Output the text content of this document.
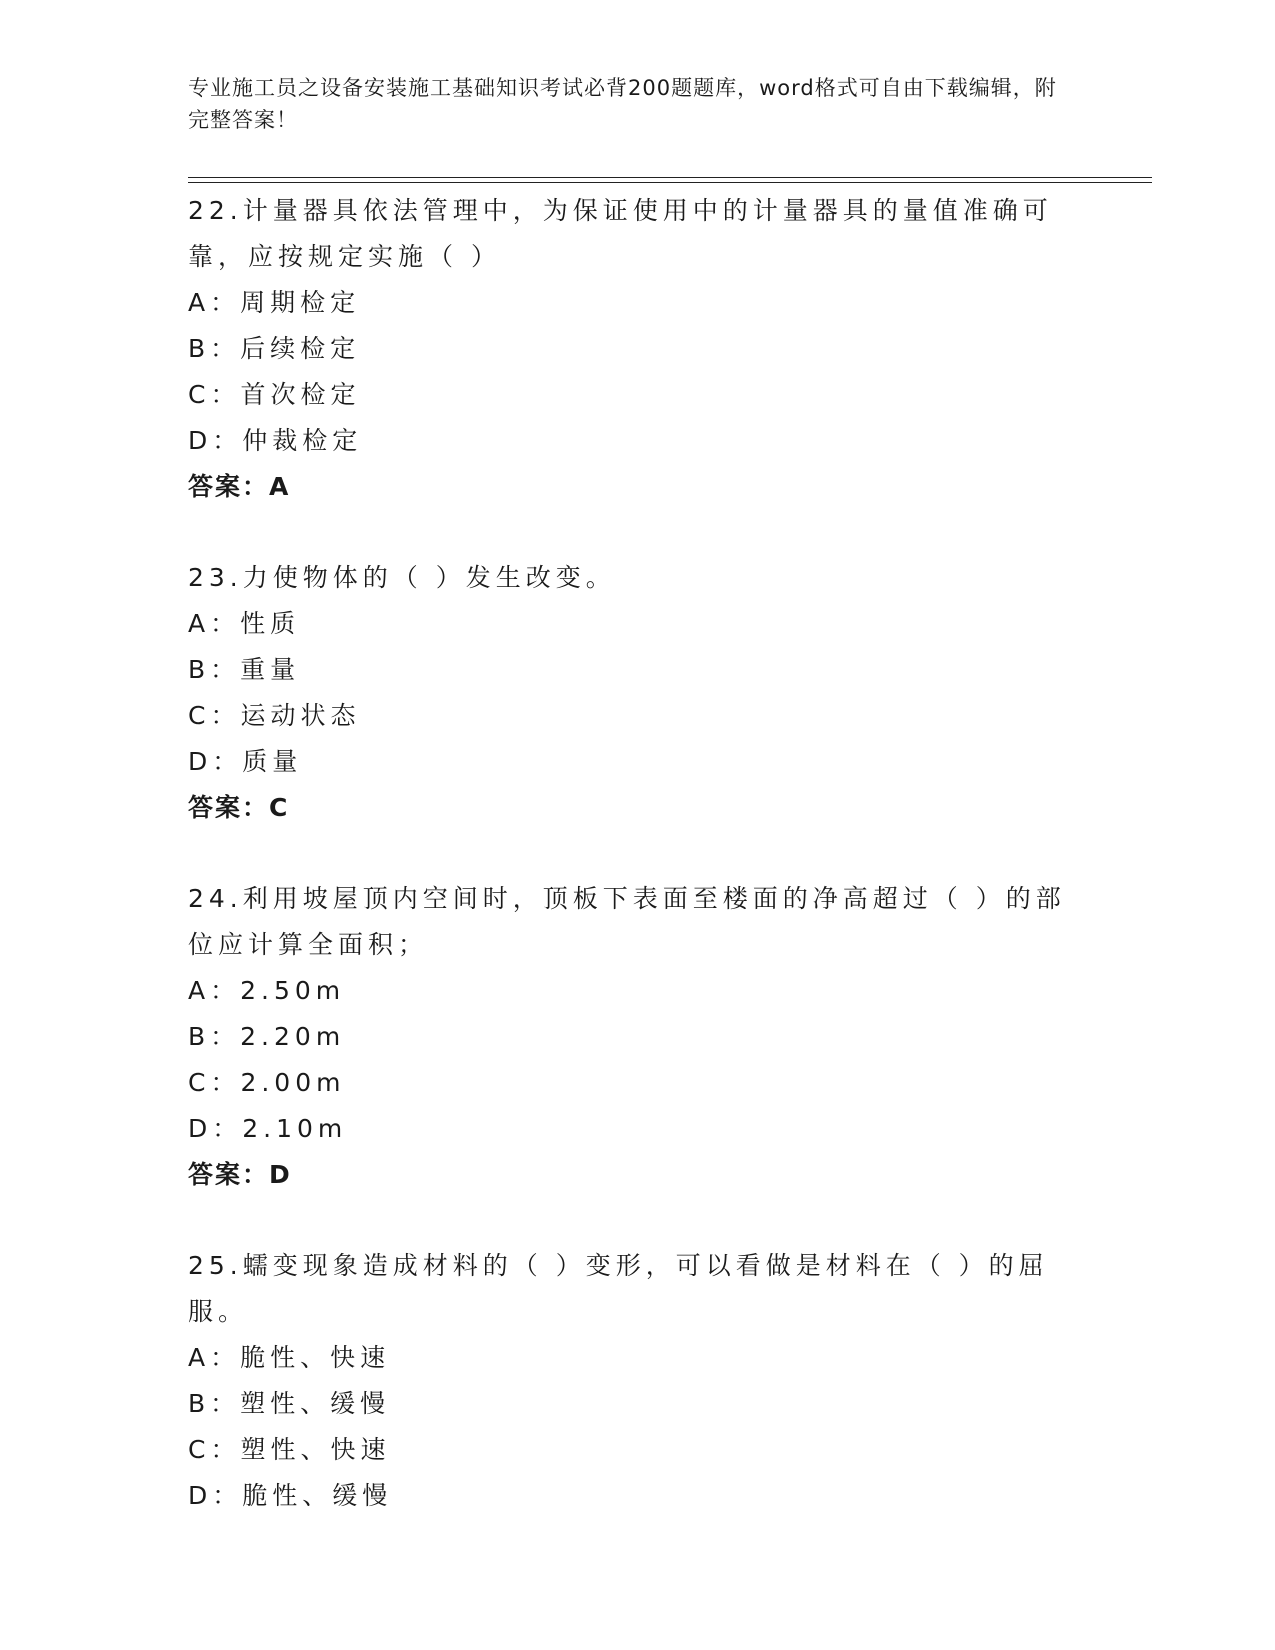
专业施工员之设备安装施工基础知识考试必背200题题库，word格式可自由下载编辑，附完整答案！
22.计量器具依法管理中，为保证使用中的计量器具的量值准确可靠，应按规定实施（ ）
A：周期检定
B：后续检定
C：首次检定
D：仲裁检定
答案：A
23.力使物体的（ ）发生改变。
A：性质
B：重量
C：运动状态
D：质量
答案：C
24.利用坡屋顶内空间时，顶板下表面至楼面的净高超过（ ）的部位应计算全面积；
A：2.50m
B：2.20m
C：2.00m
D：2.10m
答案：D
25.蠕变现象造成材料的（ ）变形，可以看做是材料在（ ）的屈服。
A：脆性、快速
B：塑性、缓慢
C：塑性、快速
D：脆性、缓慢
